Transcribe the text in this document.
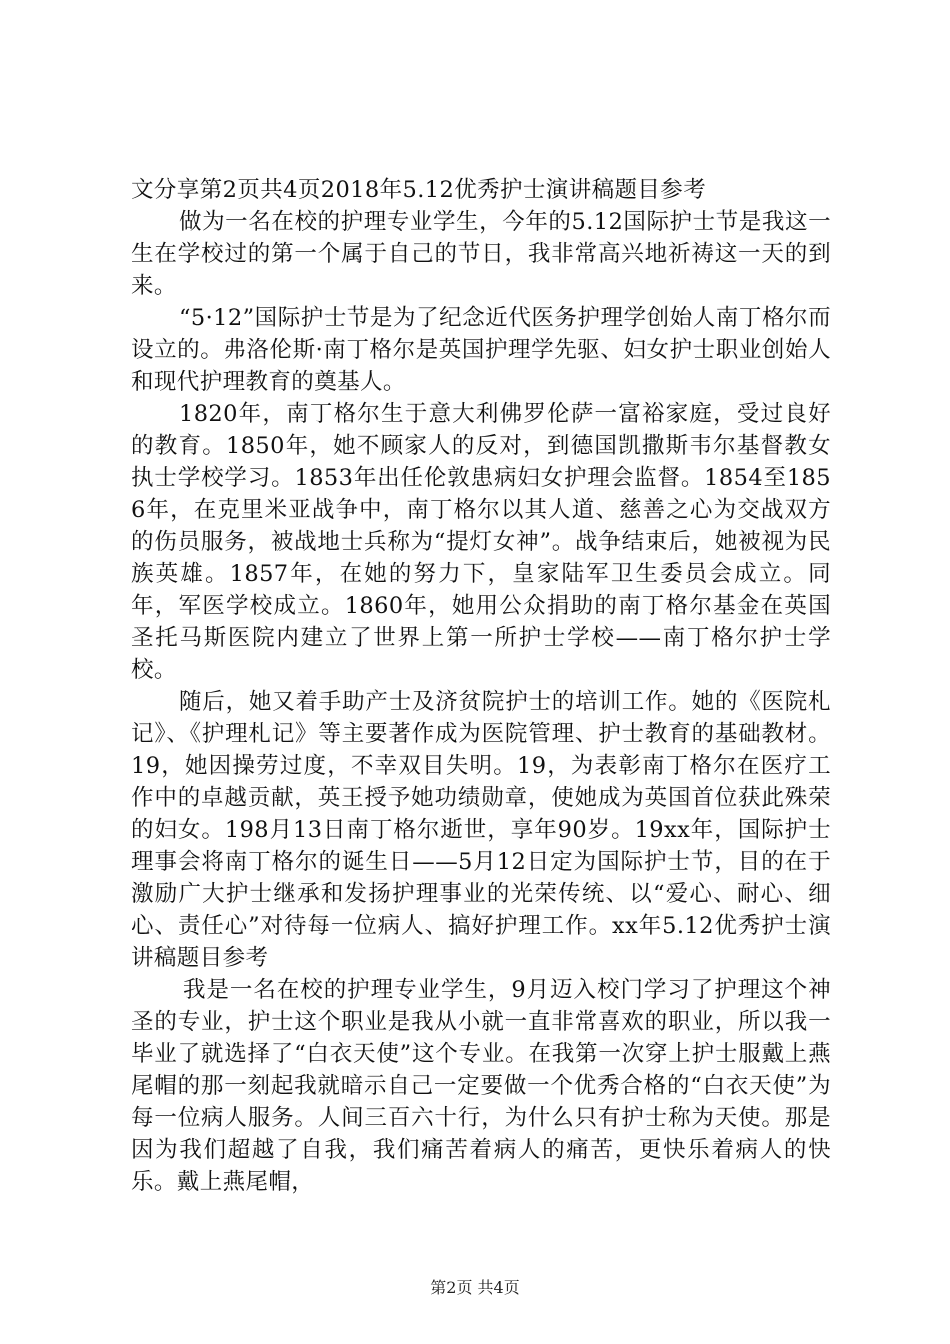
文分享第2页共4页2018年5.12优秀护士演讲稿题目参考

做为一名在校的护理专业学生，今年的5.12国际护士节是我这一生在学校过的第一个属于自己的节日，我非常高兴地祈祷这一天的到来。

“5·12”国际护士节是为了纪念近代医务护理学创始人南丁格尔而设立的。弗洛伦斯·南丁格尔是英国护理学先驱、妇女护士职业创始人和现代护理教育的奠基人。

1820年，南丁格尔生于意大利佛罗伦萨一富裕家庭，受过良好的教育。1850年，她不顾家人的反对，到德国凯撒斯韦尔基督教女执士学校学习。1853年出任伦敦患病妇女护理会监督。1854至1856年，在克里米亚战争中，南丁格尔以其人道、慈善之心为交战双方的伤员服务，被战地士兵称为“提灯女神”。战争结束后，她被视为民族英雄。1857年，在她的努力下，皇家陆军卫生委员会成立。同年，军医学校成立。1860年，她用公众捐助的南丁格尔基金在英国圣托马斯医院内建立了世界上第一所护士学校——南丁格尔护士学校。

随后，她又着手助产士及济贫院护士的培训工作。她的《医院札记》、《护理札记》等主要著作成为医院管理、护士教育的基础教材。19，她因操劳过度，不幸双目失明。19，为表彰南丁格尔在医疗工作中的卓越贡献，英王授予她功绩勋章，使她成为英国首位获此殊荣的妇女。198月13日南丁格尔逝世，享年90岁。19xx年，国际护士理事会将南丁格尔的诞生日——5月12日定为国际护士节，目的在于激励广大护士继承和发扬护理事业的光荣传统、以“爱心、耐心、细心、责任心”对待每一位病人、搞好护理工作。xx年5.12优秀护士演讲稿题目参考

我是一名在校的护理专业学生，9月迈入校门学习了护理这个神圣的专业，护士这个职业是我从小就一直非常喜欢的职业，所以我一毕业了就选择了“白衣天使”这个专业。在我第一次穿上护士服戴上燕尾帽的那一刻起我就暗示自己一定要做一个优秀合格的“白衣天使”为每一位病人服务。人间三百六十行，为什么只有护士称为天使。那是因为我们超越了自我，我们痛苦着病人的痛苦，更快乐着病人的快乐。戴上燕尾帽，

第2页 共4页
